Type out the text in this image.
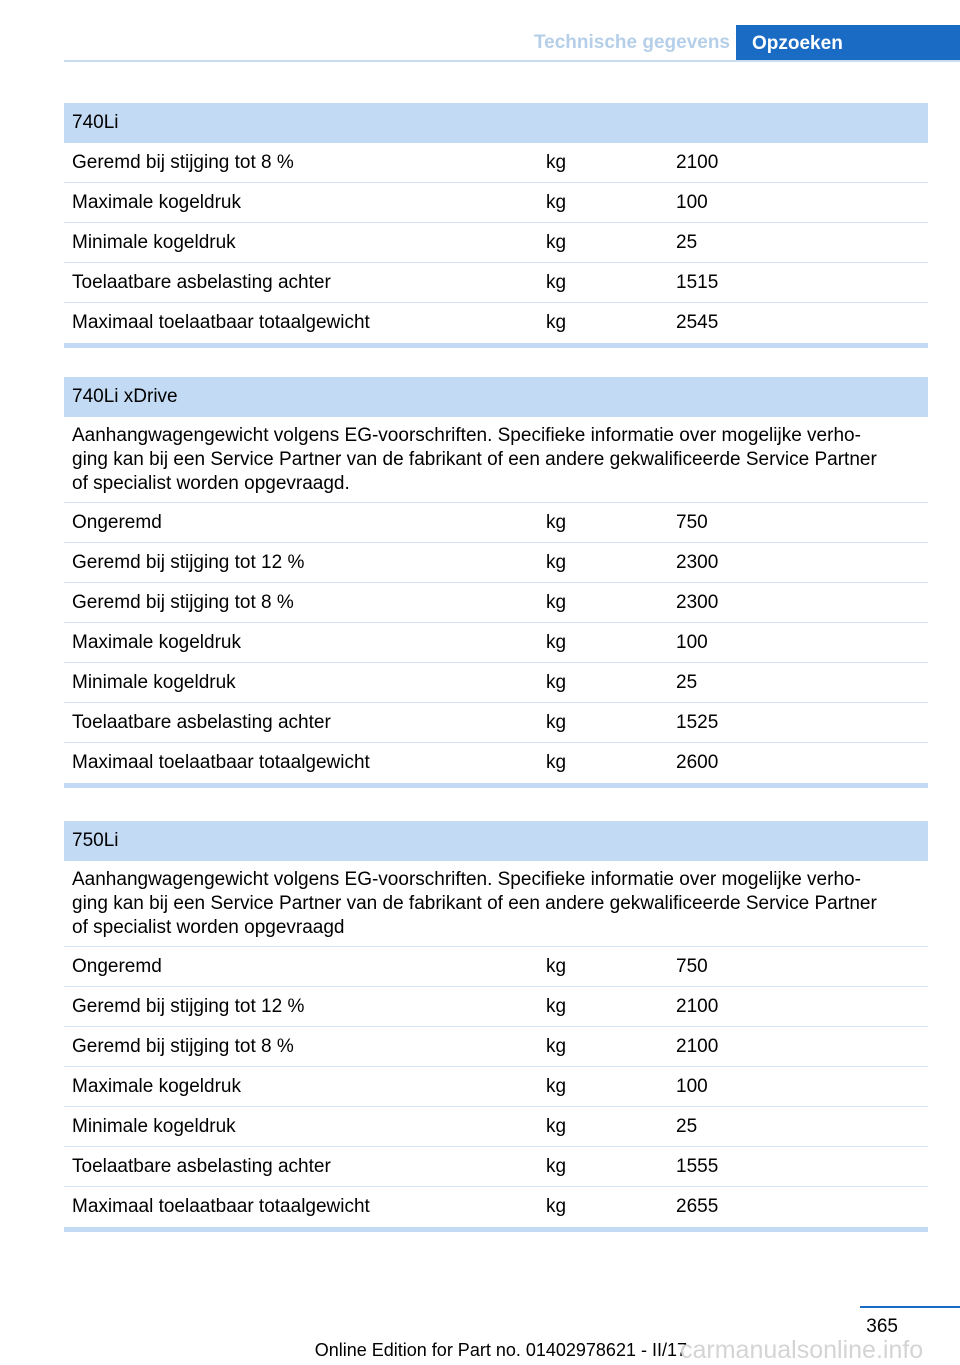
Technische gegevens	Opzoeken
740Li
Geremd bij stijging tot 8 %	kg	2100
Maximale kogeldruk	kg	100
Minimale kogeldruk	kg	25
Toelaatbare asbelasting achter	kg	1515
Maximaal toelaatbaar totaalgewicht	kg	2545
740Li xDrive
Aanhangwagengewicht volgens EG-voorschriften. Specifieke informatie over mogelijke verho-
ging kan bij een Service Partner van de fabrikant of een andere gekwalificeerde Service Partner
of specialist worden opgevraagd.
Ongeremd	kg	750
Geremd bij stijging tot 12 %	kg	2300
Geremd bij stijging tot 8 %	kg	2300
Maximale kogeldruk	kg	100
Minimale kogeldruk	kg	25
Toelaatbare asbelasting achter	kg	1525
Maximaal toelaatbaar totaalgewicht	kg	2600
750Li
Aanhangwagengewicht volgens EG-voorschriften. Specifieke informatie over mogelijke verho-
ging kan bij een Service Partner van de fabrikant of een andere gekwalificeerde Service Partner
of specialist worden opgevraagd
Ongeremd	kg	750
Geremd bij stijging tot 12 %	kg	2100
Geremd bij stijging tot 8 %	kg	2100
Maximale kogeldruk	kg	100
Minimale kogeldruk	kg	25
Toelaatbare asbelasting achter	kg	1555
Maximaal toelaatbaar totaalgewicht	kg	2655
365
Online Edition for Part no. 01402978621 - II/17
carmanualsonline.info
